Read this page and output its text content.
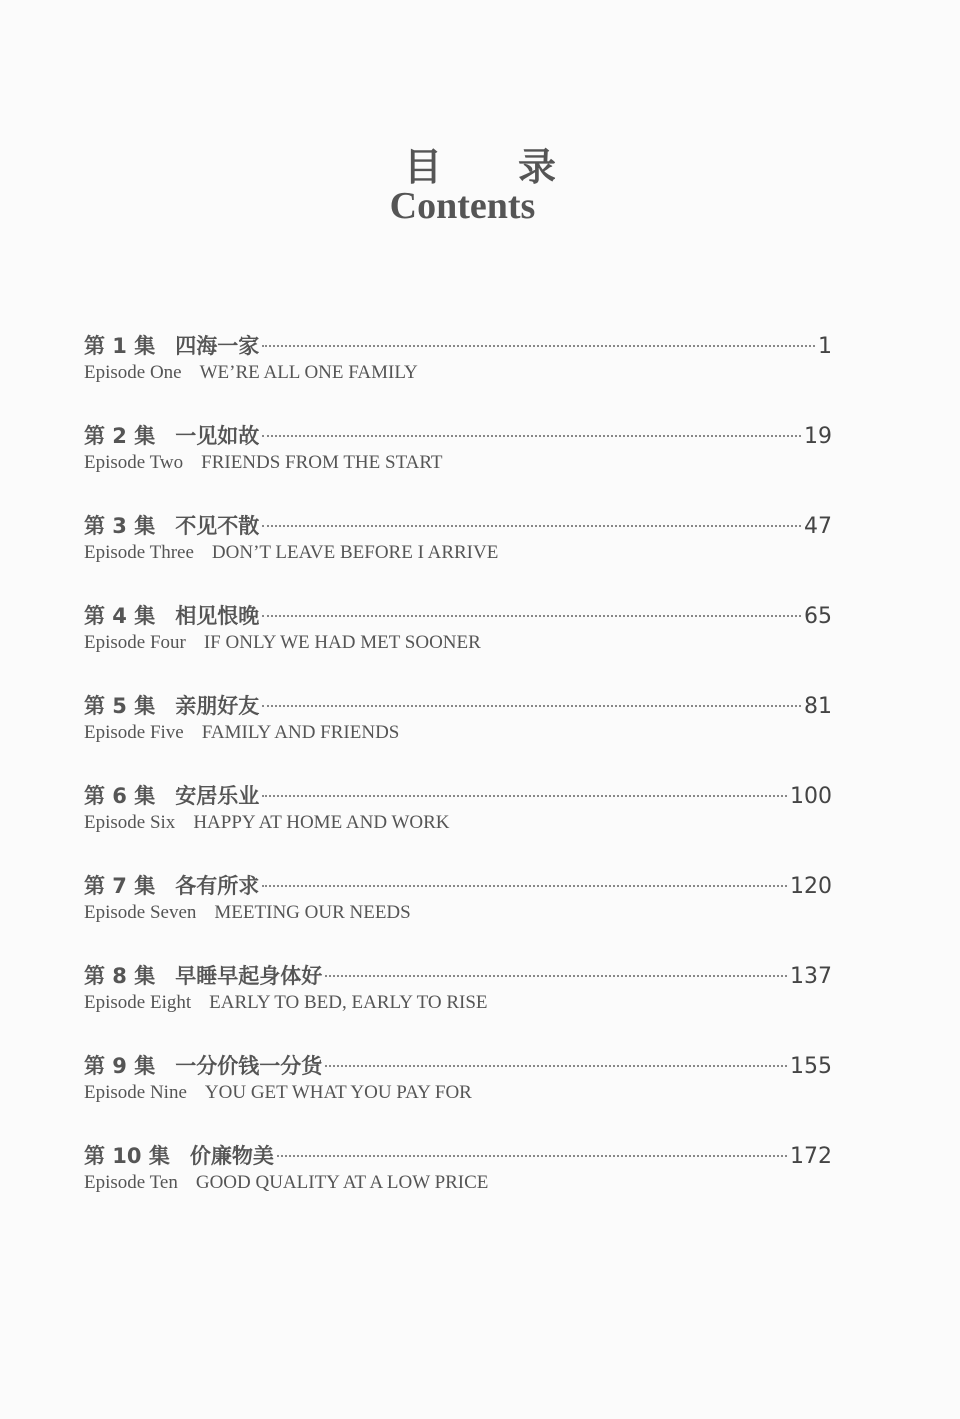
目 录
Contents
第 1 集 四海一家	1
Episode One WE’RE ALL ONE FAMILY
第 2 集 一见如故	19
Episode Two FRIENDS FROM THE START
第 3 集 不见不散	47
Episode Three DON’T LEAVE BEFORE I ARRIVE
第 4 集 相见恨晚	65
Episode Four IF ONLY WE HAD MET SOONER
第 5 集 亲朋好友	81
Episode Five FAMILY AND FRIENDS
第 6 集 安居乐业	100
Episode Six HAPPY AT HOME AND WORK
第 7 集 各有所求	120
Episode Seven MEETING OUR NEEDS
第 8 集 早睡早起身体好	137
Episode Eight EARLY TO BED, EARLY TO RISE
第 9 集 一分价钱一分货	155
Episode Nine YOU GET WHAT YOU PAY FOR
第 10 集 价廉物美	172
Episode Ten GOOD QUALITY AT A LOW PRICE
